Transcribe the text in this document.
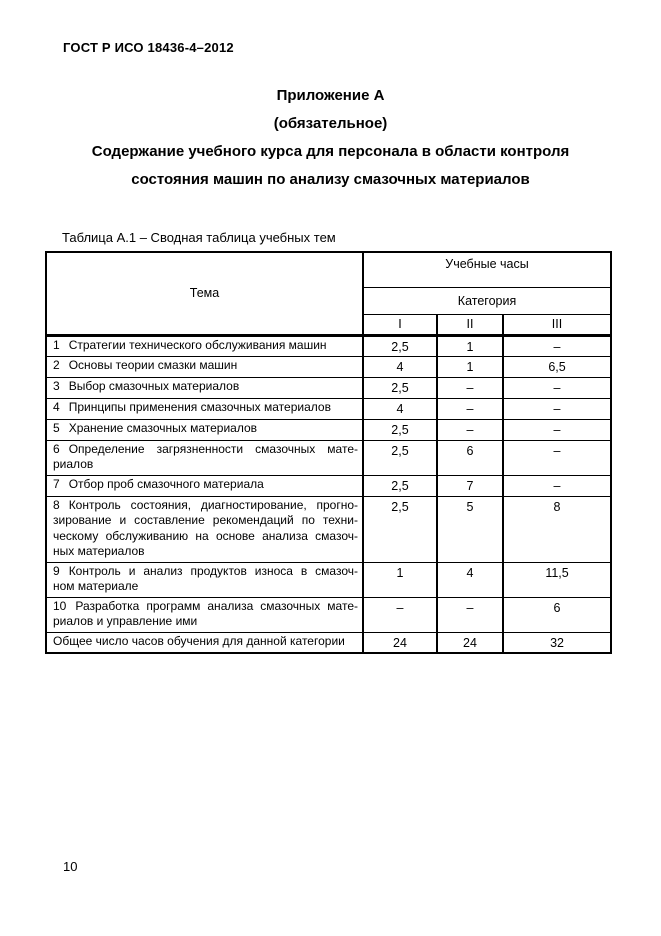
ГОСТ Р ИСО 18436-4–2012
Приложение А
(обязательное)
Содержание учебного курса для персонала в области контроля
состояния машин по анализу смазочных материалов
Таблица А.1 – Сводная таблица учебных тем
Тема	Учебные часы		
	Категория		
	I	II	III

1 Стратегии технического обслуживания машин	2,5	1	–

2 Основы теории смазки машин	4	1	6,5

3 Выбор смазочных материалов	2,5	–	–

4 Принципы применения смазочных материалов	4	–	–

5 Хранение смазочных материалов	2,5	–	–

6 Определение загрязненности смазочных мате-
риалов	2,5	6	–

7 Отбор проб смазочного материала	2,5	7	–

8 Контроль состояния, диагностирование, прогно-
зирование и составление рекомендаций по техни-
ческому обслуживанию на основе анализа смазоч-
ных материалов	2,5	5	8

9 Контроль и анализ продуктов износа в смазоч-
ном материале	1	4	11,5

10 Разработка программ анализа смазочных мате-
риалов и управление ими	–	–	6

Общее число часов обучения для данной категории	24	24	32
10
